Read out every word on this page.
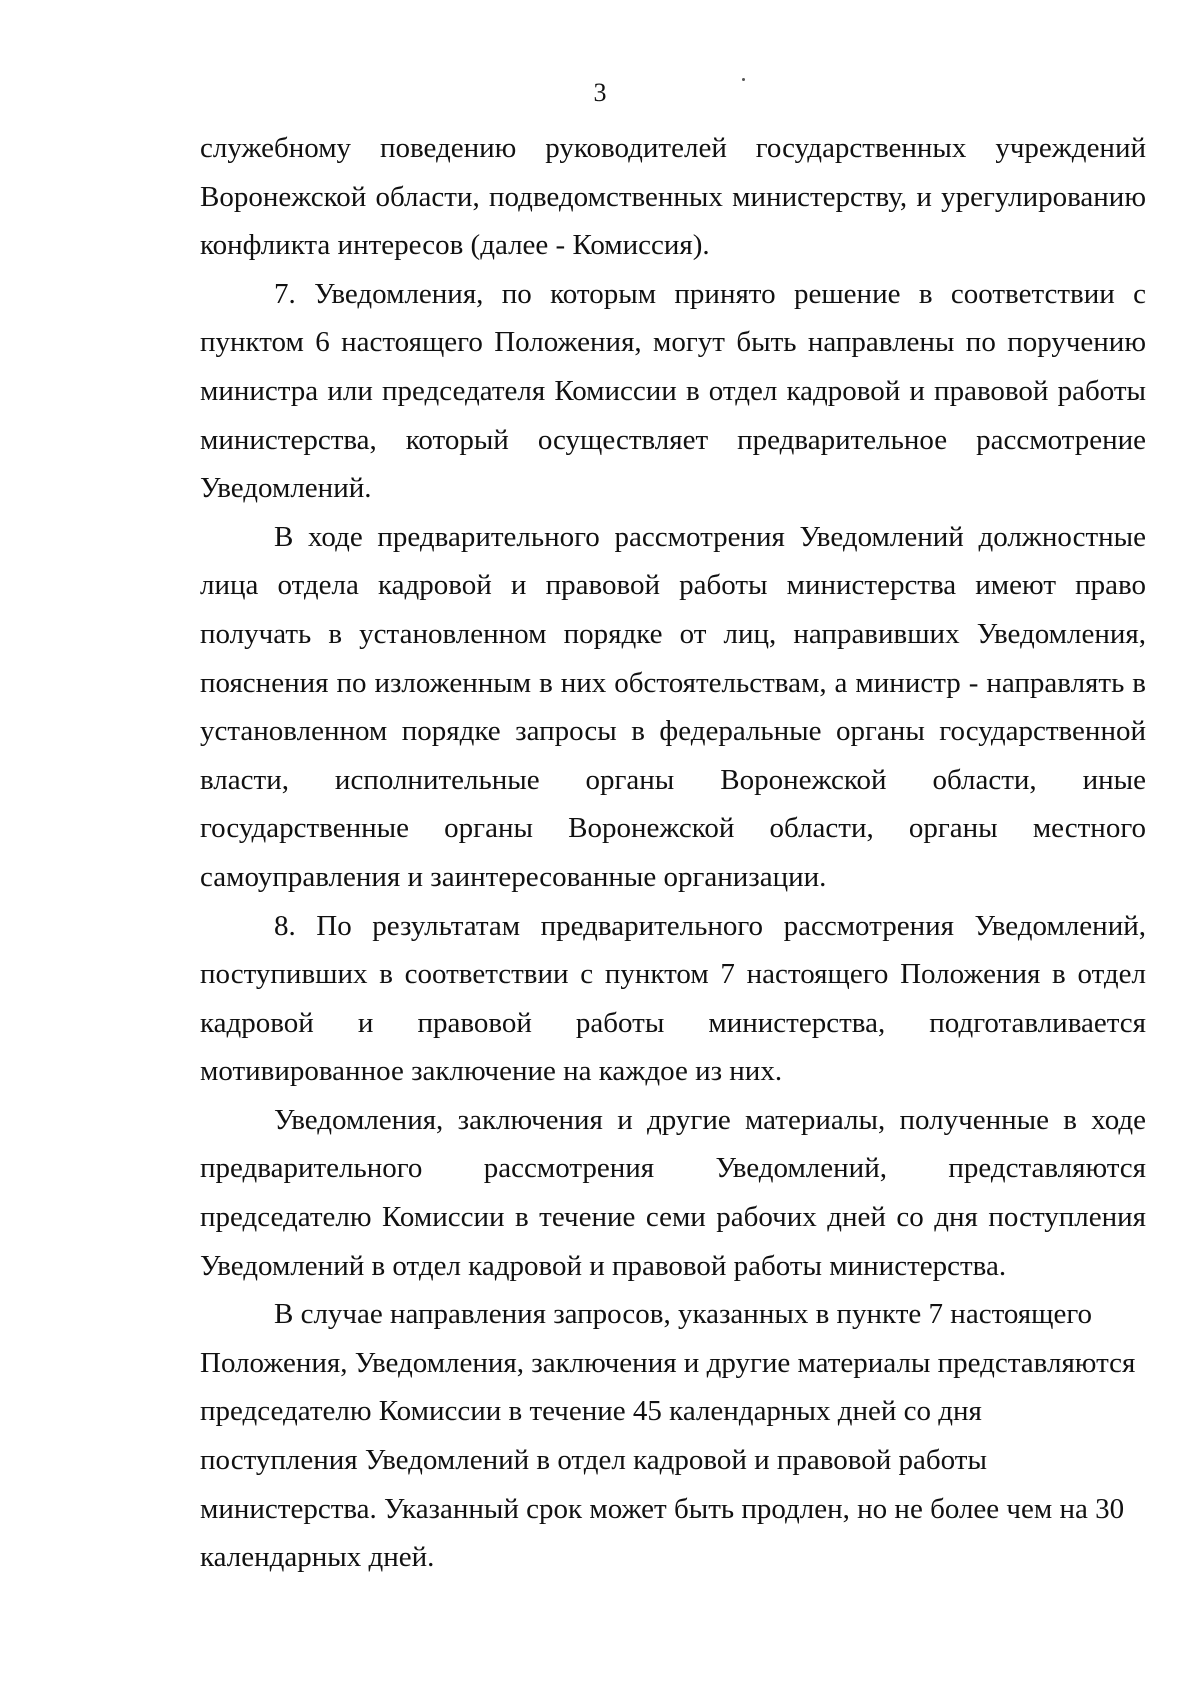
3

служебному поведению руководителей государственных учреждений Воронежской области, подведомственных министерству, и урегулированию конфликта интересов (далее - Комиссия).

7. Уведомления, по которым принято решение в соответствии с пунктом 6 настоящего Положения, могут быть направлены по поручению министра или председателя Комиссии в отдел кадровой и правовой работы министерства, который осуществляет предварительное рассмотрение Уведомлений.

В ходе предварительного рассмотрения Уведомлений должностные лица отдела кадровой и правовой работы министерства имеют право получать в установленном порядке от лиц, направивших Уведомления, пояснения по изложенным в них обстоятельствам, а министр - направлять в установленном порядке запросы в федеральные органы государственной власти, исполнительные органы Воронежской области, иные государственные органы Воронежской области, органы местного самоуправления и заинтересованные организации.

8. По результатам предварительного рассмотрения Уведомлений, поступивших в соответствии с пунктом 7 настоящего Положения в отдел кадровой и правовой работы министерства, подготавливается мотивированное заключение на каждое из них.

Уведомления, заключения и другие материалы, полученные в ходе предварительного рассмотрения Уведомлений, представляются председателю Комиссии в течение семи рабочих дней со дня поступления Уведомлений в отдел кадровой и правовой работы министерства.

В случае направления запросов, указанных в пункте 7 настоящего Положения, Уведомления, заключения и другие материалы представляются председателю Комиссии в течение 45 календарных дней со дня поступления Уведомлений в отдел кадровой и правовой работы министерства. Указанный срок может быть продлен, но не более чем на 30 календарных дней.
